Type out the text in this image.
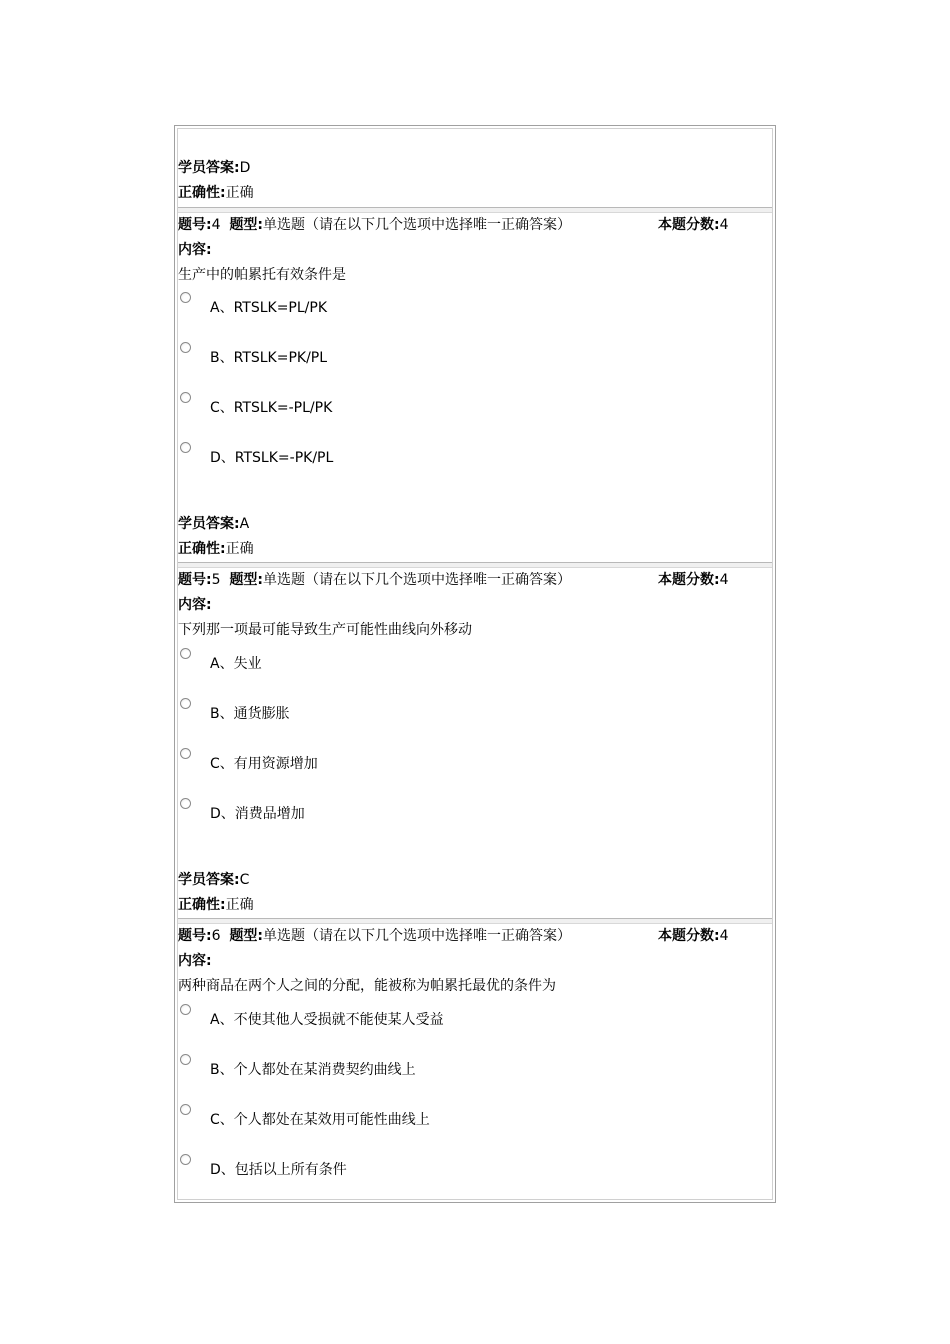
学员答案:D
正确性:正确
题号:4 题型:单选题（请在以下几个选项中选择唯一正确答案）	本题分数:4
内容:
生产中的帕累托有效条件是
A、RTSLK=PL/PK
B、RTSLK=PK/PL
C、RTSLK=-PL/PK
D、RTSLK=-PK/PL
学员答案:A
正确性:正确
题号:5 题型:单选题（请在以下几个选项中选择唯一正确答案）	本题分数:4
内容:
下列那一项最可能导致生产可能性曲线向外移动
A、失业
B、通货膨胀
C、有用资源增加
D、消费品增加
学员答案:C
正确性:正确
题号:6 题型:单选题（请在以下几个选项中选择唯一正确答案）	本题分数:4
内容:
两种商品在两个人之间的分配，能被称为帕累托最优的条件为
A、不使其他人受损就不能使某人受益
B、个人都处在某消费契约曲线上
C、个人都处在某效用可能性曲线上
D、包括以上所有条件
